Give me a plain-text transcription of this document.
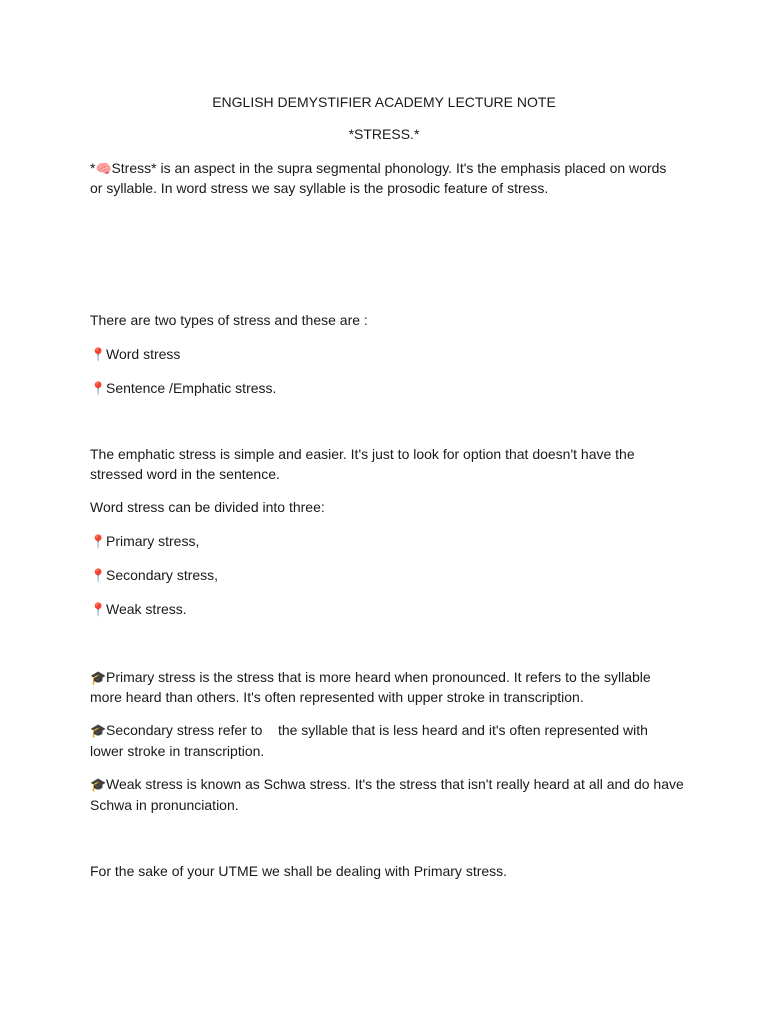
ENGLISH DEMYSTIFIER ACADEMY LECTURE NOTE

*STRESS.*

*🧠Stress* is an aspect in the supra segmental phonology. It's the emphasis placed on words

or syllable. In word stress we say syllable is the prosodic feature of stress.

There are two types of stress and these are :

📍Word stress

📍Sentence /Emphatic stress.

The emphatic stress is simple and easier. It's just to look for option that doesn't have the

stressed word in the sentence.

Word stress can be divided into three:

📍Primary stress,

📍Secondary stress,

📍Weak stress.

🎓Primary stress is the stress that is more heard when pronounced. It refers to the syllable

more heard than others. It's often represented with upper stroke in transcription.

🎓Secondary stress refer to    the syllable that is less heard and it's often represented with

lower stroke in transcription.

🎓Weak stress is known as Schwa stress. It's the stress that isn't really heard at all and do have

Schwa in pronunciation.

For the sake of your UTME we shall be dealing with Primary stress.
